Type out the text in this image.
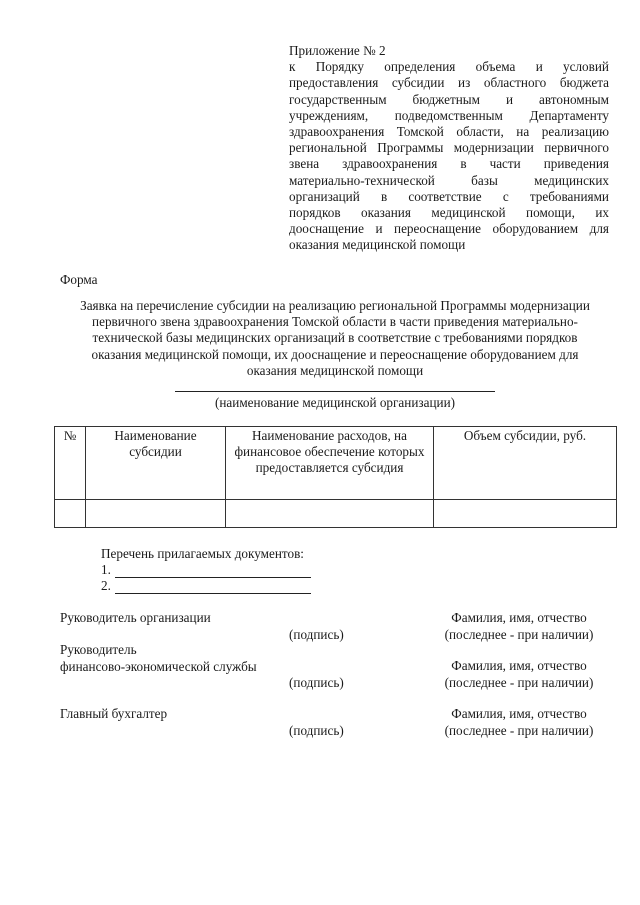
Приложение № 2
к Порядку определения объема и условий
предоставления субсидии из областного бюджета
государственным бюджетным и автономным
учреждениям, подведомственным Департаменту
здравоохранения Томской области, на реализацию
региональной Программы модернизации первичного
звена здравоохранения в части приведения
материально-технической базы медицинских
организаций в соответствие с требованиями
порядков оказания медицинской помощи, их
дооснащение и переоснащение оборудованием для
оказания медицинской помощи
Форма
Заявка на перечисление субсидии на реализацию региональной Программы модернизации
первичного звена здравоохранения Томской области в части приведения материально-
технической базы медицинских организаций в соответствие с требованиями порядков
оказания медицинской помощи, их дооснащение и переоснащение оборудованием для
оказания медицинской помощи
(наименование медицинской организации)
№	Наименование субсидии	Наименование расходов, на финансовое обеспечение которых предоставляется субсидия	Объем субсидии, руб.

Перечень прилагаемых документов:
1.
2.
Руководитель организации
(подпись)
Фамилия, имя, отчество
(последнее - при наличии)
Руководитель
финансово-экономической службы
(подпись)
Фамилия, имя, отчество
(последнее - при наличии)
Главный бухгалтер
(подпись)
Фамилия, имя, отчество
(последнее - при наличии)
